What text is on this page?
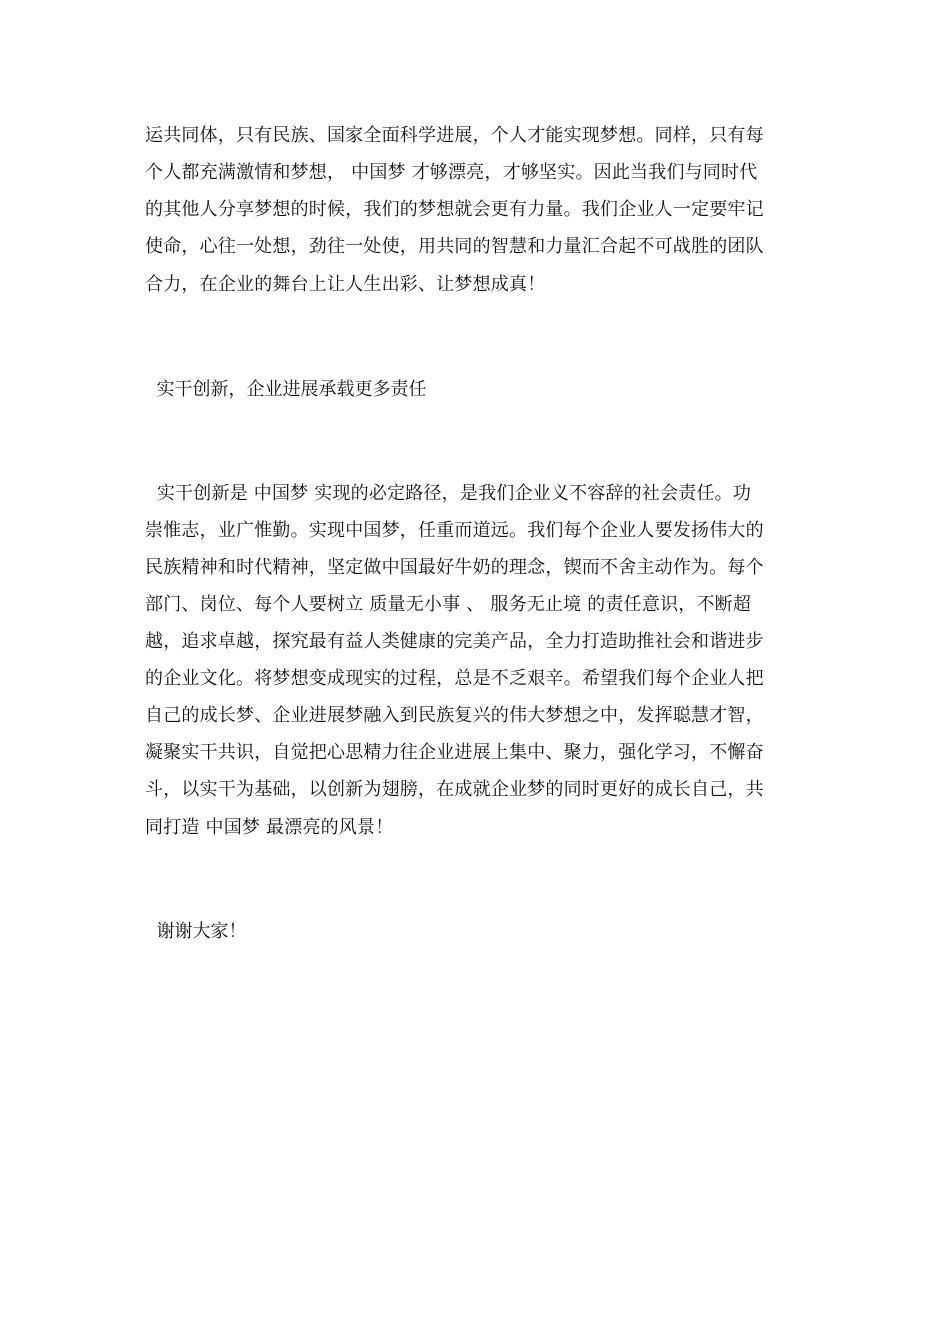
运共同体，只有民族、国家全面科学进展，个人才能实现梦想。同样，只有每
个人都充满激情和梦想， 中国梦 才够漂亮，才够坚实。因此当我们与同时代
的其他人分享梦想的时候，我们的梦想就会更有力量。我们企业人一定要牢记
使命，心往一处想，劲往一处使，用共同的智慧和力量汇合起不可战胜的团队
合力，在企业的舞台上让人生出彩、让梦想成真！
实干创新，企业进展承载更多责任
实干创新是 中国梦 实现的必定路径，是我们企业义不容辞的社会责任。功
崇惟志，业广惟勤。实现中国梦，任重而道远。我们每个企业人要发扬伟大的
民族精神和时代精神，坚定做中国最好牛奶的理念，锲而不舍主动作为。每个
部门、岗位、每个人要树立 质量无小事 、 服务无止境 的责任意识，不断超
越，追求卓越，探究最有益人类健康的完美产品，全力打造助推社会和谐进步
的企业文化。将梦想变成现实的过程，总是不乏艰辛。希望我们每个企业人把
自己的成长梦、企业进展梦融入到民族复兴的伟大梦想之中，发挥聪慧才智，
凝聚实干共识，自觉把心思精力往企业进展上集中、聚力，强化学习，不懈奋
斗，以实干为基础，以创新为翅膀，在成就企业梦的同时更好的成长自己，共
同打造 中国梦 最漂亮的风景！
谢谢大家！
